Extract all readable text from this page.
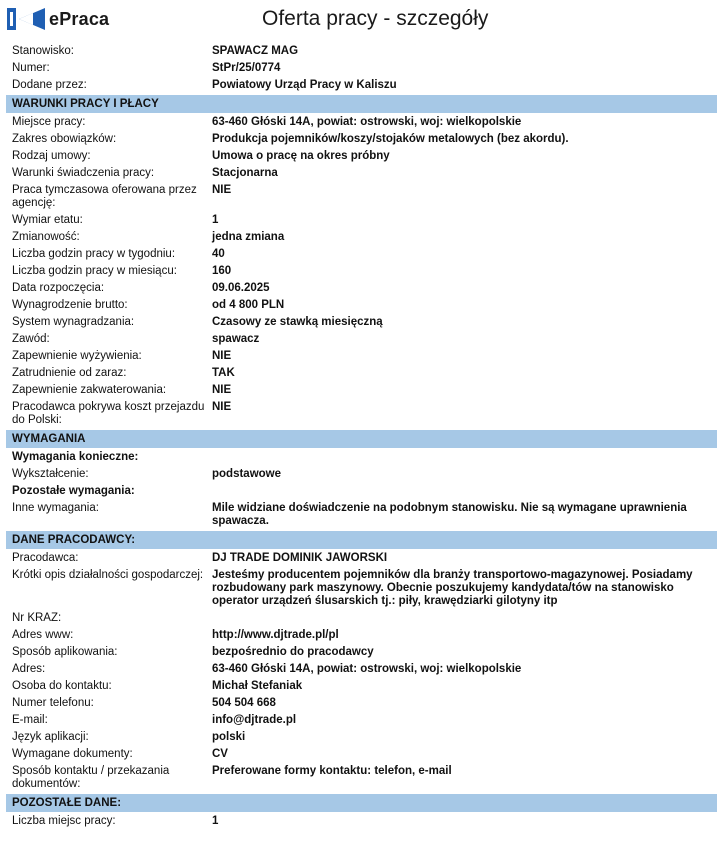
ePraca	Oferta pracy - szczegóły
Stanowisko:	SPAWACZ MAG
Numer:	StPr/25/0774
Dodane przez:	Powiatowy Urząd Pracy w Kaliszu
WARUNKI PRACY I PŁACY
Miejsce pracy:	63-460 Głóski 14A, powiat: ostrowski, woj: wielkopolskie
Zakres obowiązków:	Produkcja pojemników/koszy/stojaków metalowych (bez akordu).
Rodzaj umowy:	Umowa o pracę na okres próbny
Warunki świadczenia pracy:	Stacjonarna
Praca tymczasowa oferowana przez agencję:
NIE
Wymiar etatu:	1
Zmianowość:	jedna zmiana
Liczba godzin pracy w tygodniu:	40
Liczba godzin pracy w miesiącu:	160
Data rozpoczęcia:	09.06.2025
Wynagrodzenie brutto:	od 4 800 PLN
System wynagradzania:	Czasowy ze stawką miesięczną
Zawód:	spawacz
Zapewnienie wyżywienia:	NIE
Zatrudnienie od zaraz:	TAK
Zapewnienie zakwaterowania:	NIE
Pracodawca pokrywa koszt przejazdu do Polski:
NIE
WYMAGANIA
Wymagania konieczne:
Wykształcenie:	podstawowe
Pozostałe wymagania:
Inne wymagania:	Mile widziane doświadczenie na podobnym stanowisku. Nie są wymagane uprawnienia spawacza.
DANE PRACODAWCY:
Pracodawca:	DJ TRADE DOMINIK JAWORSKI
Krótki opis działalności gospodarczej: Jesteśmy producentem pojemników dla branży transportowo-magazynowej. Posiadamy rozbudowany park maszynowy. Obecnie poszukujemy kandydata/tów na stanowisko operator urządzeń ślusarskich tj.: piły, krawędziarki gilotyny itp
Nr KRAZ:
Adres www:	http://www.djtrade.pl/pl
Sposób aplikowania:	bezpośrednio do pracodawcy
Adres:	63-460 Głóski 14A, powiat: ostrowski, woj: wielkopolskie
Osoba do kontaktu:	Michał Stefaniak
Numer telefonu:	504 504 668
E-mail:	info@djtrade.pl
Język aplikacji:	polski
Wymagane dokumenty:	CV
Sposób kontaktu / przekazania dokumentów:
Preferowane formy kontaktu: telefon, e-mail
POZOSTAŁE DANE:
Liczba miejsc pracy:	1
